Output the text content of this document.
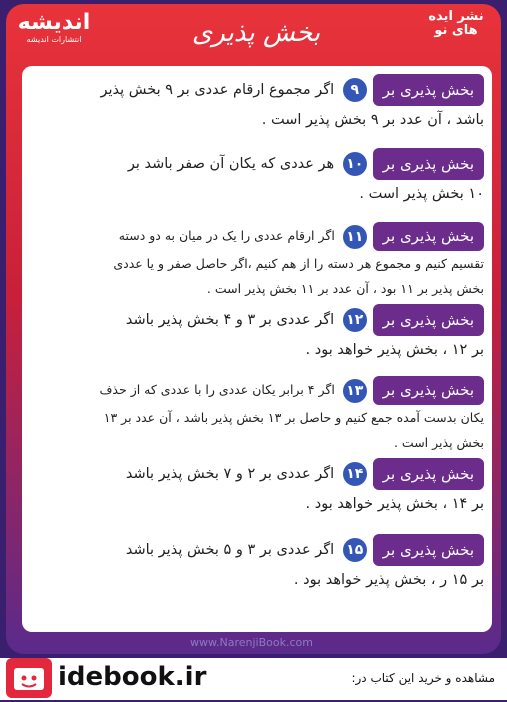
اندیشه
انتشارات اندیشه	بخش پذیری
نشر ایده های نو
بخش پذیری بر۹ اگر مجموع ارقام عددی بر ۹ بخش پذیر
باشد ، آن عدد بر ۹ بخش پذیر است .
بخش پذیری بر۱۰ هر عددی که یکان آن صفر باشد بر
۱۰ بخش پذیر است .
بخش پذیری بر۱۱ اگر ارقام عددی را یک در میان به دو دسته
تقسیم کنیم و مجموع هر دسته را از هم کنیم ،اگر حاصل صفر و یا عددی
بخش پذیر بر ۱۱ بود ، آن عدد بر ۱۱ بخش پذیر است .
بخش پذیری بر۱۲ اگر عددی بر ۳ و ۴ بخش پذیر باشد
بر ۱۲ ، بخش پذیر خواهد بود .
بخش پذیری بر۱۳ اگر ۴ برابر یکان عددی را با عددی که از حذف
یکان بدست آمده جمع کنیم و حاصل بر ۱۳ بخش پذیر باشد ، آن عدد بر ۱۳
بخش پذیر است .
بخش پذیری بر۱۴ اگر عددی بر ۲ و ۷ بخش پذیر باشد
بر ۱۴ ، بخش پذیر خواهد بود .
بخش پذیری بر۱۵ اگر عددی بر ۳ و ۵ بخش پذیر باشد
بر ۱۵ ر ، بخش پذیر خواهد بود .
www.NarenjiBook.com
idebook.ir	مشاهده و خرید این کتاب در:
